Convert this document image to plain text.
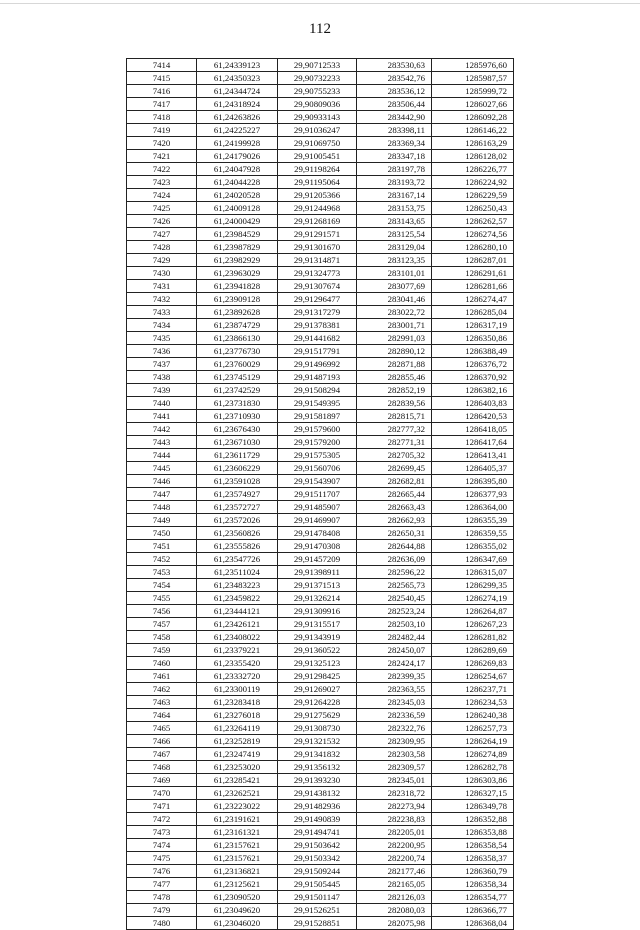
112
7414	61,24339123	29,90712533	283530,63	1285976,60
7415	61,24350323	29,90732233	283542,76	1285987,57
7416	61,24344724	29,90755233	283536,12	1285999,72
7417	61,24318924	29,90809036	283506,44	1286027,66
7418	61,24263826	29,90933143	283442,90	1286092,28
7419	61,24225227	29,91036247	283398,11	1286146,22
7420	61,24199928	29,91069750	283369,34	1286163,29
7421	61,24179026	29,91005451	283347,18	1286128,02
7422	61,24047928	29,91198264	283197,78	1286226,77
7423	61,24044228	29,91195064	283193,72	1286224,92
7424	61,24020528	29,91205366	283167,14	1286229,59
7425	61,24009128	29,91244968	283153,75	1286250,43
7426	61,24000429	29,91268169	283143,65	1286262,57
7427	61,23984529	29,91291571	283125,54	1286274,56
7428	61,23987829	29,91301670	283129,04	1286280,10
7429	61,23982929	29,91314871	283123,35	1286287,01
7430	61,23963029	29,91324773	283101,01	1286291,61
7431	61,23941828	29,91307674	283077,69	1286281,66
7432	61,23909128	29,91296477	283041,46	1286274,47
7433	61,23892628	29,91317279	283022,72	1286285,04
7434	61,23874729	29,91378381	283001,71	1286317,19
7435	61,23866130	29,91441682	282991,03	1286350,86
7436	61,23776730	29,91517791	282890,12	1286388,49
7437	61,23760029	29,91496992	282871,88	1286376,72
7438	61,23745129	29,91487193	282855,46	1286370,92
7439	61,23742529	29,91508294	282852,19	1286382,16
7440	61,23731830	29,91549395	282839,56	1286403,83
7441	61,23710930	29,91581897	282815,71	1286420,53
7442	61,23676430	29,91579600	282777,32	1286418,05
7443	61,23671030	29,91579200	282771,31	1286417,64
7444	61,23611729	29,91575305	282705,32	1286413,41
7445	61,23606229	29,91560706	282699,45	1286405,37
7446	61,23591028	29,91543907	282682,81	1286395,80
7447	61,23574927	29,91511707	282665,44	1286377,93
7448	61,23572727	29,91485907	282663,43	1286364,00
7449	61,23572026	29,91469907	282662,93	1286355,39
7450	61,23560826	29,91478408	282650,31	1286359,55
7451	61,23555826	29,91470308	282644,88	1286355,02
7452	61,23547726	29,91457209	282636,09	1286347,69
7453	61,23511024	29,91398911	282596,22	1286315,07
7454	61,23483223	29,91371513	282565,73	1286299,35
7455	61,23459822	29,91326214	282540,45	1286274,19
7456	61,23444121	29,91309916	282523,24	1286264,87
7457	61,23426121	29,91315517	282503,10	1286267,23
7458	61,23408022	29,91343919	282482,44	1286281,82
7459	61,23379221	29,91360522	282450,07	1286289,69
7460	61,23355420	29,91325123	282424,17	1286269,83
7461	61,23332720	29,91298425	282399,35	1286254,67
7462	61,23300119	29,91269027	282363,55	1286237,71
7463	61,23283418	29,91264228	282345,03	1286234,53
7464	61,23276018	29,91275629	282336,59	1286240,38
7465	61,23264119	29,91308730	282322,76	1286257,73
7466	61,23252819	29,91321532	282309,95	1286264,19
7467	61,23247419	29,91341832	282303,58	1286274,89
7468	61,23253020	29,91356132	282309,57	1286282,78
7469	61,23285421	29,91393230	282345,01	1286303,86
7470	61,23262521	29,91438132	282318,72	1286327,15
7471	61,23223022	29,91482936	282273,94	1286349,78
7472	61,23191621	29,91490839	282238,83	1286352,88
7473	61,23161321	29,91494741	282205,01	1286353,88
7474	61,23157621	29,91503642	282200,95	1286358,54
7475	61,23157621	29,91503342	282200,74	1286358,37
7476	61,23136821	29,91509244	282177,46	1286360,79
7477	61,23125621	29,91505445	282165,05	1286358,34
7478	61,23090520	29,91501147	282126,03	1286354,77
7479	61,23049620	29,91526251	282080,03	1286366,77
7480	61,23046020	29,91528851	282075,98	1286368,04
